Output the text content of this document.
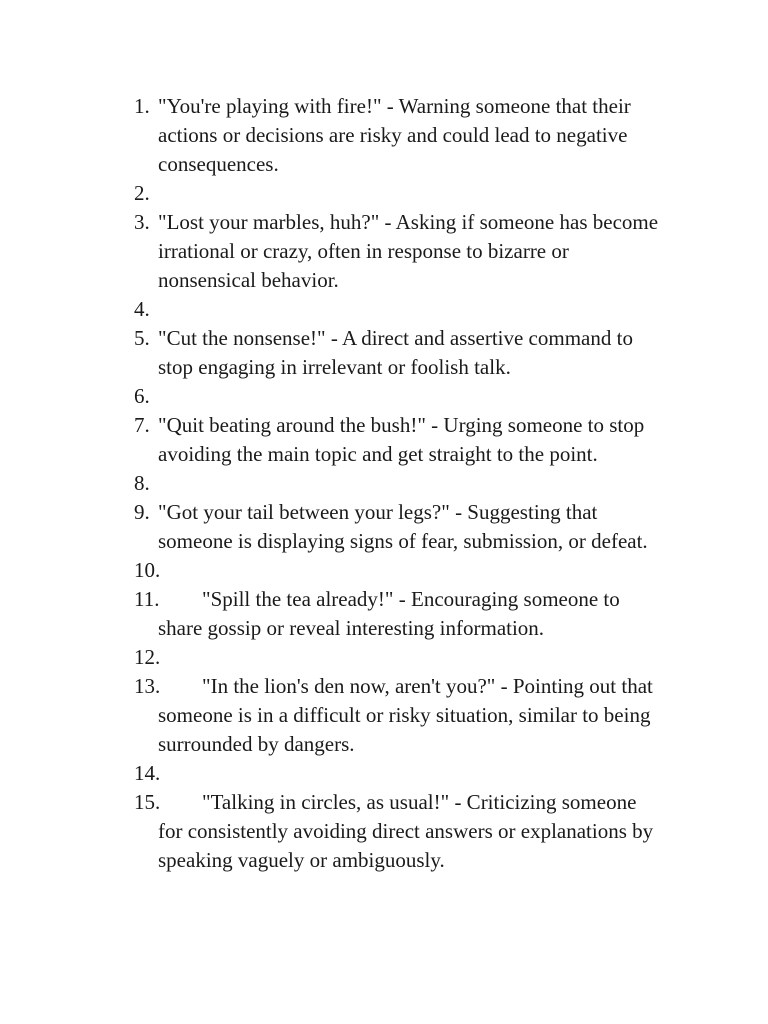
1. "You're playing with fire!" - Warning someone that their actions or decisions are risky and could lead to negative consequences.
2.
3. "Lost your marbles, huh?" - Asking if someone has become irrational or crazy, often in response to bizarre or nonsensical behavior.
4.
5. "Cut the nonsense!" - A direct and assertive command to stop engaging in irrelevant or foolish talk.
6.
7. "Quit beating around the bush!" - Urging someone to stop avoiding the main topic and get straight to the point.
8.
9. "Got your tail between your legs?" - Suggesting that someone is displaying signs of fear, submission, or defeat.
10.
11.	"Spill the tea already!" - Encouraging someone to share gossip or reveal interesting information.
12.
13.	"In the lion's den now, aren't you?" - Pointing out that someone is in a difficult or risky situation, similar to being surrounded by dangers.
14.
15.	"Talking in circles, as usual!" - Criticizing someone for consistently avoiding direct answers or explanations by speaking vaguely or ambiguously.
